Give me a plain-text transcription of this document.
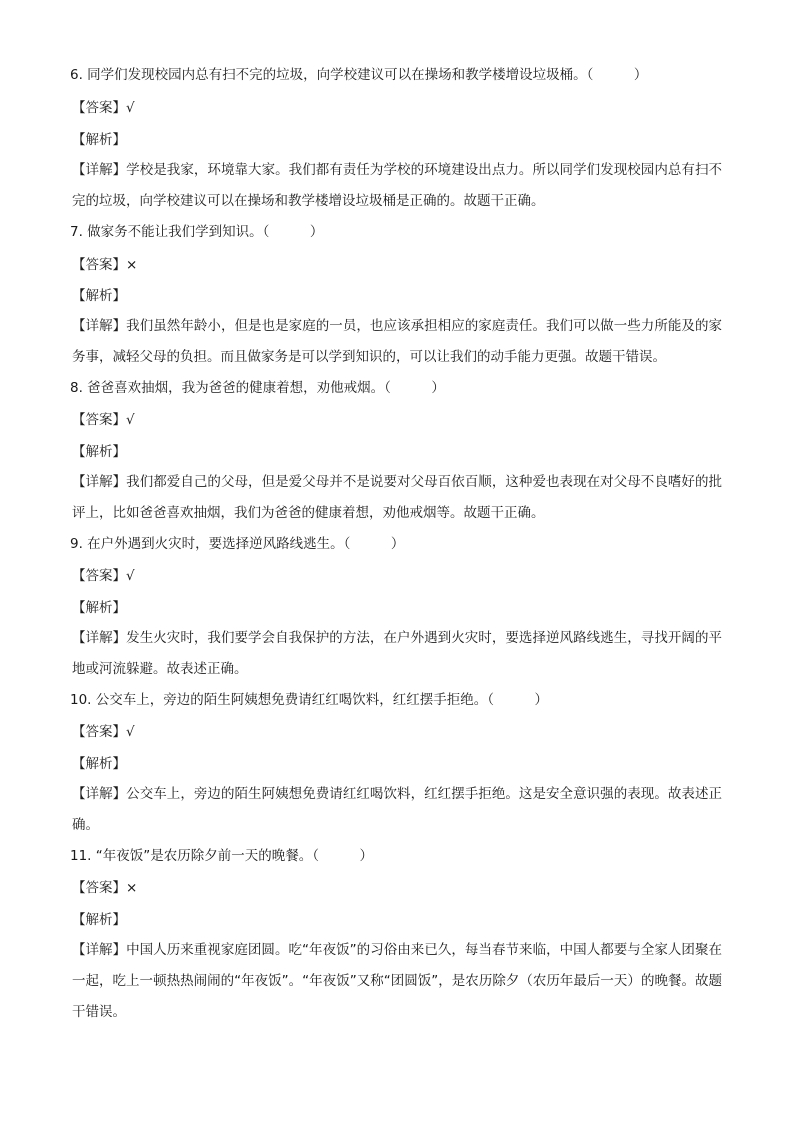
6. 同学们发现校园内总有扫不完的垃圾，向学校建议可以在操场和教学楼增设垃圾桶。（　　　）
【答案】√
【解析】
【详解】学校是我家，环境靠大家。我们都有责任为学校的环境建设出点力。所以同学们发现校园内总有扫不完的垃圾，向学校建议可以在操场和教学楼增设垃圾桶是正确的。故题干正确。
7. 做家务不能让我们学到知识。（　　　）
【答案】×
【解析】
【详解】我们虽然年龄小，但是也是家庭的一员，也应该承担相应的家庭责任。我们可以做一些力所能及的家务事，减轻父母的负担。而且做家务是可以学到知识的，可以让我们的动手能力更强。故题干错误。
8. 爸爸喜欢抽烟，我为爸爸的健康着想，劝他戒烟。（　　　）
【答案】√
【解析】
【详解】我们都爱自己的父母，但是爱父母并不是说要对父母百依百顺，这种爱也表现在对父母不良嗜好的批评上，比如爸爸喜欢抽烟，我们为爸爸的健康着想，劝他戒烟等。故题干正确。
9. 在户外遇到火灾时，要选择逆风路线逃生。（　　　）
【答案】√
【解析】
【详解】发生火灾时，我们要学会自我保护的方法，在户外遇到火灾时，要选择逆风路线逃生，寻找开阔的平地或河流躲避。故表述正确。
10. 公交车上，旁边的陌生阿姨想免费请红红喝饮料，红红摆手拒绝。（　　　）
【答案】√
【解析】
【详解】公交车上，旁边的陌生阿姨想免费请红红喝饮料，红红摆手拒绝。这是安全意识强的表现。故表述正确。
11. “年夜饭”是农历除夕前一天的晚餐。（　　　）
【答案】×
【解析】
【详解】中国人历来重视家庭团圆。吃“年夜饭”的习俗由来已久，每当春节来临，中国人都要与全家人团聚在一起，吃上一顿热热闹闹的“年夜饭”。“年夜饭”又称“团圆饭”，是农历除夕（农历年最后一天）的晚餐。故题干错误。
